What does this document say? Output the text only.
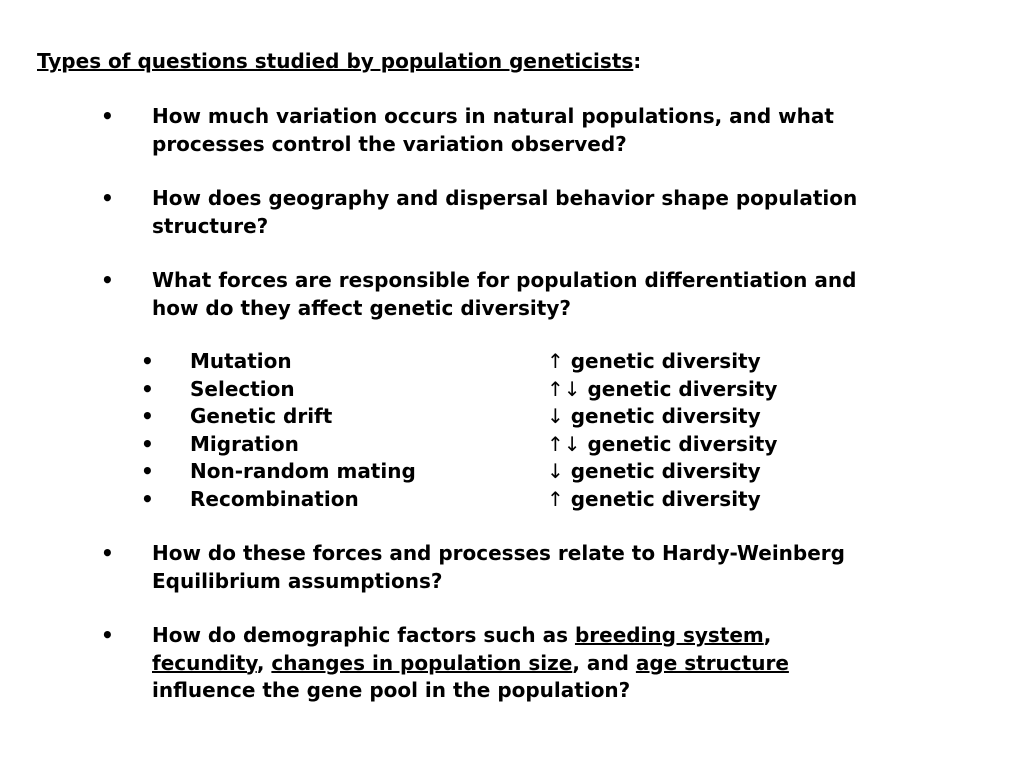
Types of questions studied by population geneticists:
• How much variation occurs in natural populations, and what
processes control the variation observed?
• How does geography and dispersal behavior shape population
structure?
• What forces are responsible for population differentiation and
how do they affect genetic diversity?
• Mutation	↑ genetic diversity
• Selection	↑↓ genetic diversity
• Genetic drift	↓ genetic diversity
• Migration	↑↓ genetic diversity
• Non-random mating	↓ genetic diversity
• Recombination	↑ genetic diversity
• How do these forces and processes relate to Hardy-Weinberg
Equilibrium assumptions?
• How do demographic factors such as breeding system,
fecundity, changes in population size, and age structure
influence the gene pool in the population?
